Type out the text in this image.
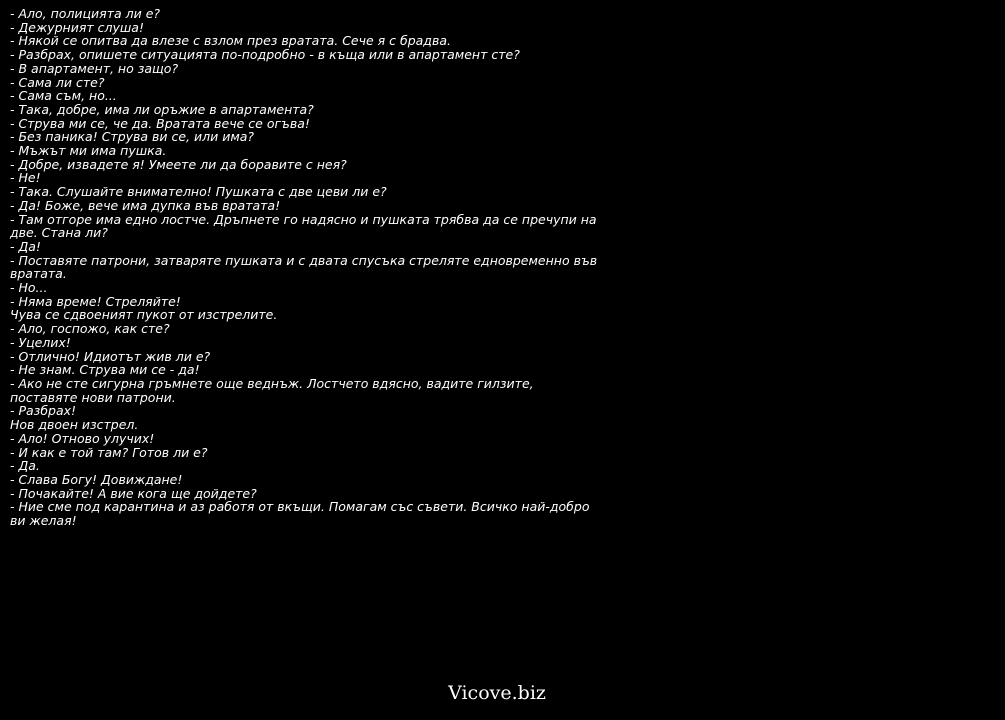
- Ало, полицията ли е?
- Дежурният слуша!
- Някой се опитва да влезе с взлом през вратата. Сече я с брадва.
- Разбрах, опишете ситуацията по-подробно - в къща или в апартамент сте?
- В апартамент, но защо?
- Сама ли сте?
- Сама съм, но...
- Така, добре, има ли оръжие в апартамента?
- Струва ми се, че да. Вратата вече се огъва!
- Без паника! Струва ви се, или има?
- Мъжът ми има пушка.
- Добре, извадете я! Умеете ли да боравите с нея?
- Не!
- Така. Слушайте внимателно! Пушката с две цеви ли е?
- Да! Боже, вече има дупка във вратата!
- Там отгоре има едно лостче. Дръпнете го надясно и пушката трябва да се пречупи на две. Стана ли?
- Да!
- Поставяте патрони, затваряте пушката и с двата спусъка стреляте едновременно във вратата.
- Но...
- Няма време! Стреляйте!
Чува се сдвоеният пукот от изстрелите.
- Ало, госпожо, как сте?
- Уцелих!
- Отлично! Идиотът жив ли е?
- Не знам. Струва ми се - да!
- Ако не сте сигурна гръмнете още веднъж. Лостчето вдясно, вадите гилзите, поставяте нови патрони.
- Разбрах!
Нов двоен изстрел.
- Ало! Отново улучих!
- И как е той там? Готов ли е?
- Да.
- Слава Богу! Довиждане!
- Почакайте! А вие кога ще дойдете?
- Ние сме под карантина и аз работя от вкъщи. Помагам със съвети. Всичко най-добро ви желая!
Vicove.biz
